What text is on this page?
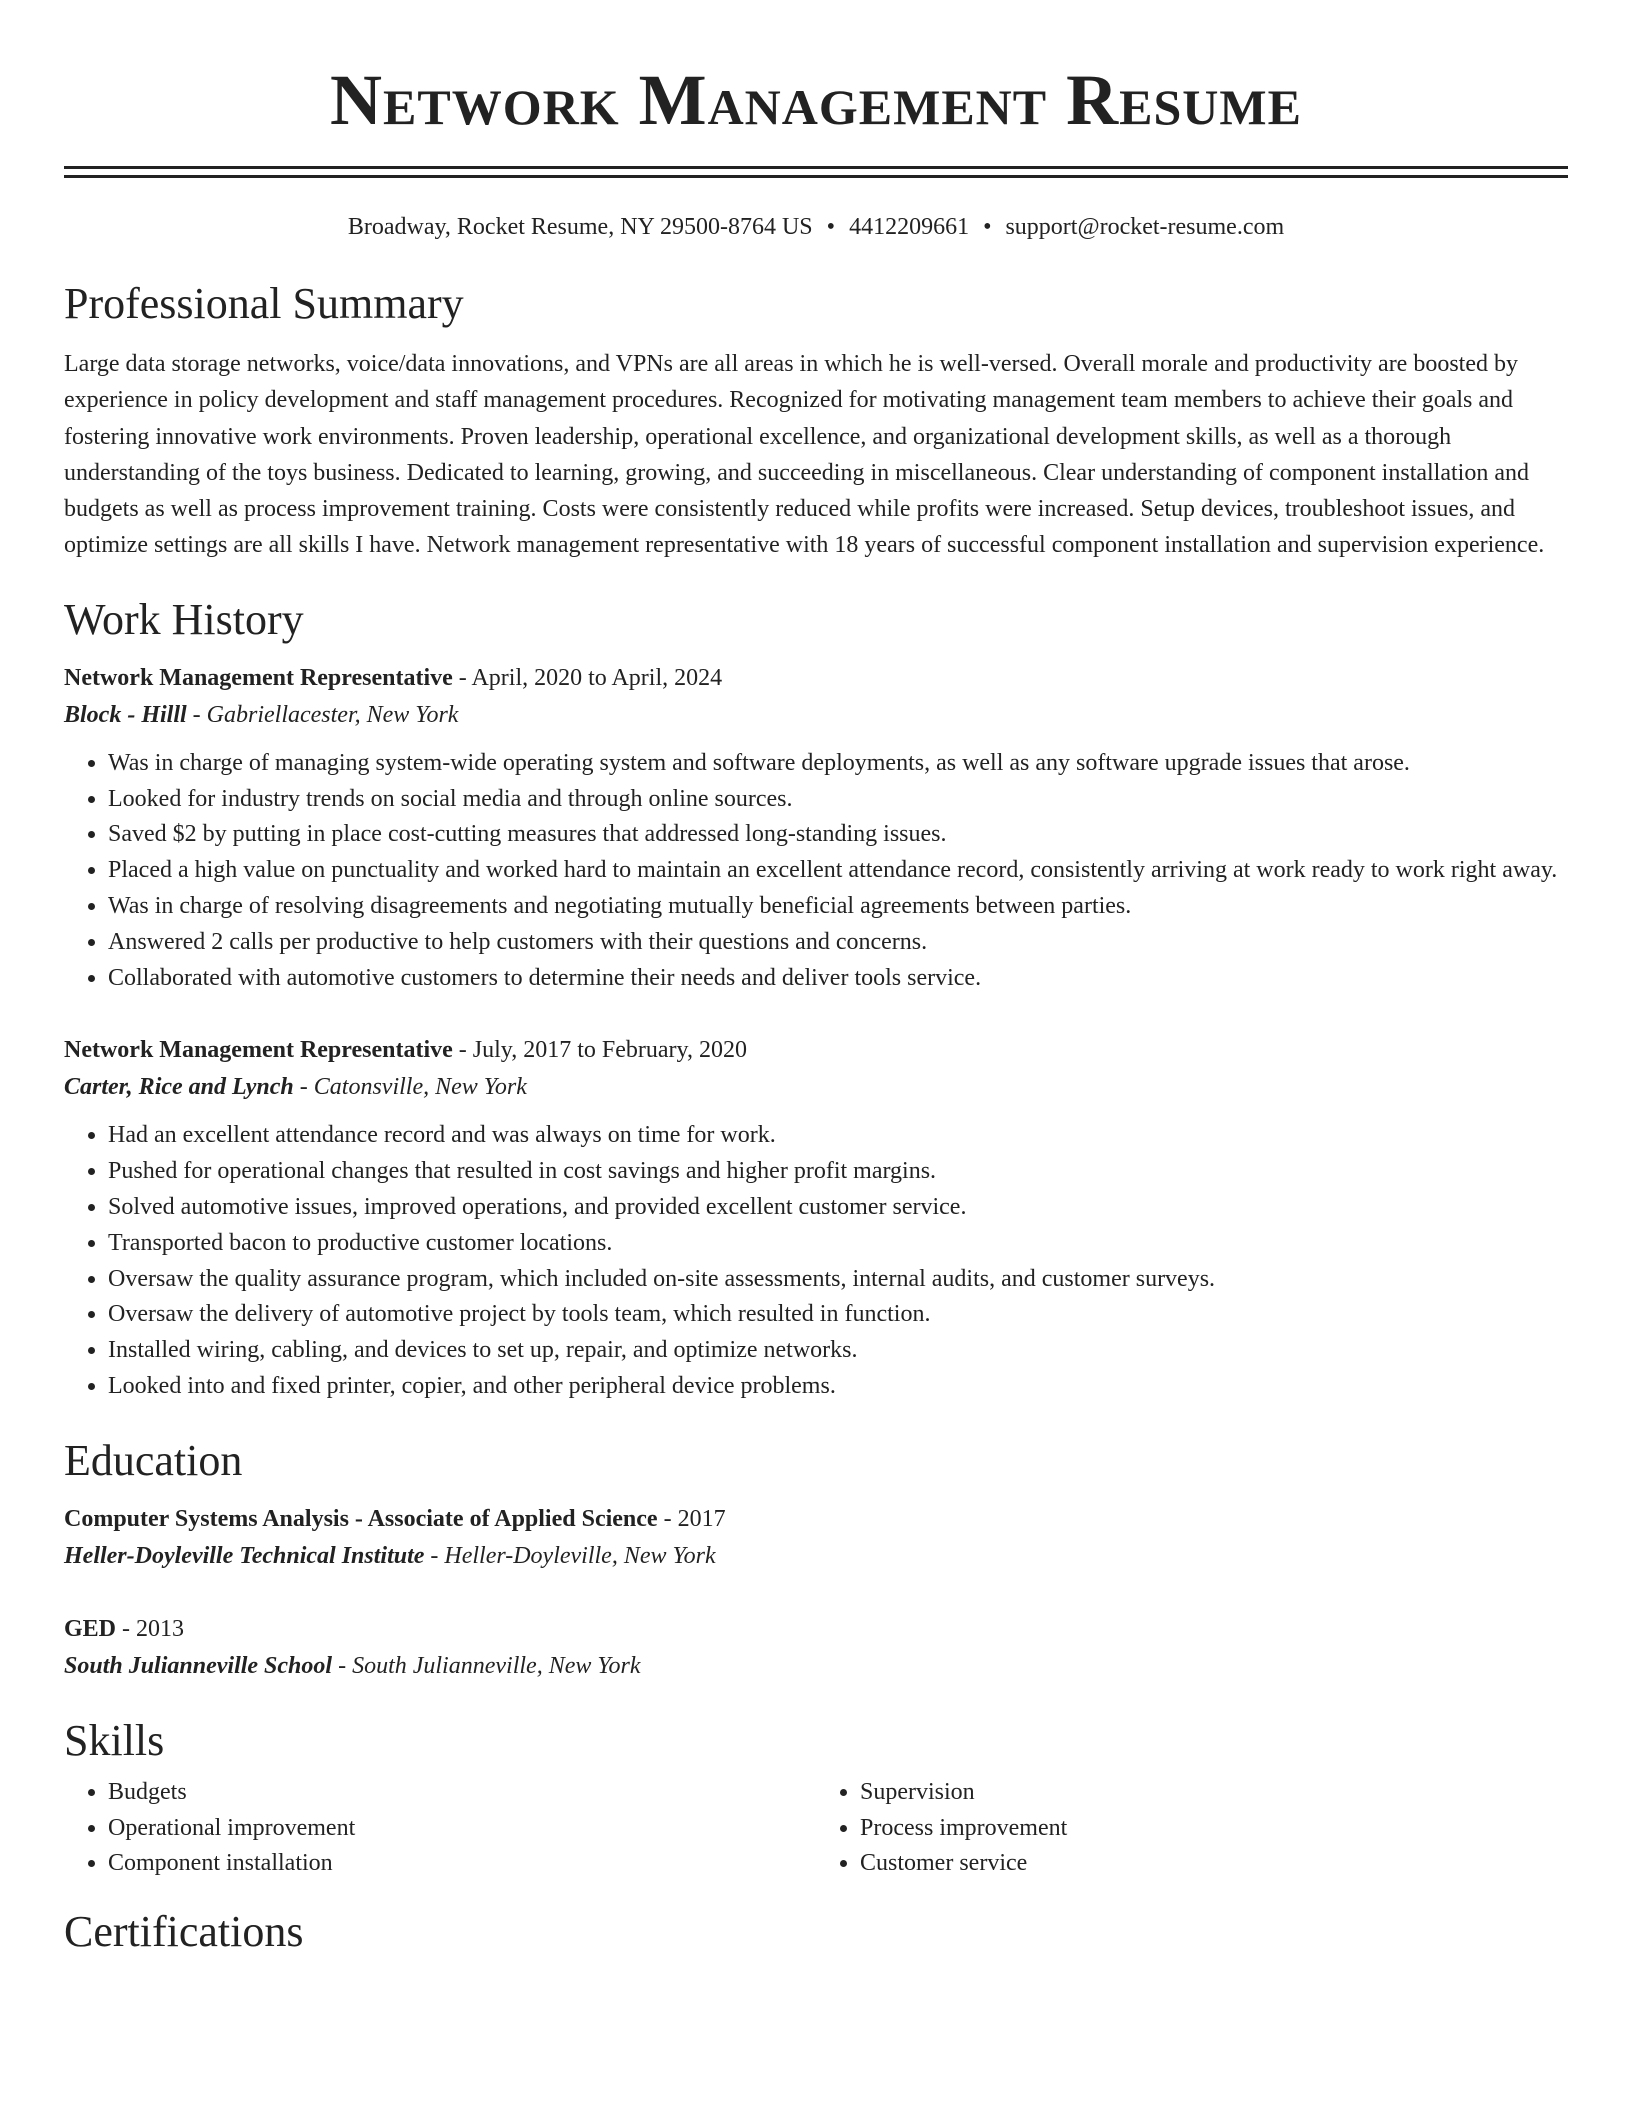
Network Management Resume
Broadway, Rocket Resume, NY 29500-8764 US • 4412209661 • support@rocket-resume.com
Professional Summary

Large data storage networks, voice/data innovations, and VPNs are all areas in which he is well-versed. Overall morale and productivity are boosted by experience in policy development and staff management procedures. Recognized for motivating management team members to achieve their goals and fostering innovative work environments. Proven leadership, operational excellence, and organizational development skills, as well as a thorough understanding of the toys business. Dedicated to learning, growing, and succeeding in miscellaneous. Clear understanding of component installation and budgets as well as process improvement training. Costs were consistently reduced while profits were increased. Setup devices, troubleshoot issues, and optimize settings are all skills I have. Network management representative with 18 years of successful component installation and supervision experience.

Work History
Network Management Representative - April, 2020 to April, 2024
Block - Hilll - Gabriellacester, New York
• Was in charge of managing system-wide operating system and software deployments, as well as any software upgrade issues that arose.
• Looked for industry trends on social media and through online sources.
• Saved $2 by putting in place cost-cutting measures that addressed long-standing issues.
• Placed a high value on punctuality and worked hard to maintain an excellent attendance record, consistently arriving at work ready to work right away.
• Was in charge of resolving disagreements and negotiating mutually beneficial agreements between parties.
• Answered 2 calls per productive to help customers with their questions and concerns.
• Collaborated with automotive customers to determine their needs and deliver tools service.
Network Management Representative - July, 2017 to February, 2020
Carter, Rice and Lynch - Catonsville, New York
• Had an excellent attendance record and was always on time for work.
• Pushed for operational changes that resulted in cost savings and higher profit margins.
• Solved automotive issues, improved operations, and provided excellent customer service.
• Transported bacon to productive customer locations.
• Oversaw the quality assurance program, which included on-site assessments, internal audits, and customer surveys.
• Oversaw the delivery of automotive project by tools team, which resulted in function.
• Installed wiring, cabling, and devices to set up, repair, and optimize networks.
• Looked into and fixed printer, copier, and other peripheral device problems.
Education
Computer Systems Analysis - Associate of Applied Science - 2017
Heller-Doyleville Technical Institute - Heller-Doyleville, New York
GED - 2013
South Julianneville School - South Julianneville, New York
Skills
• Budgets
• Operational improvement
• Component installation
• Supervision
• Process improvement
• Customer service
Certifications
